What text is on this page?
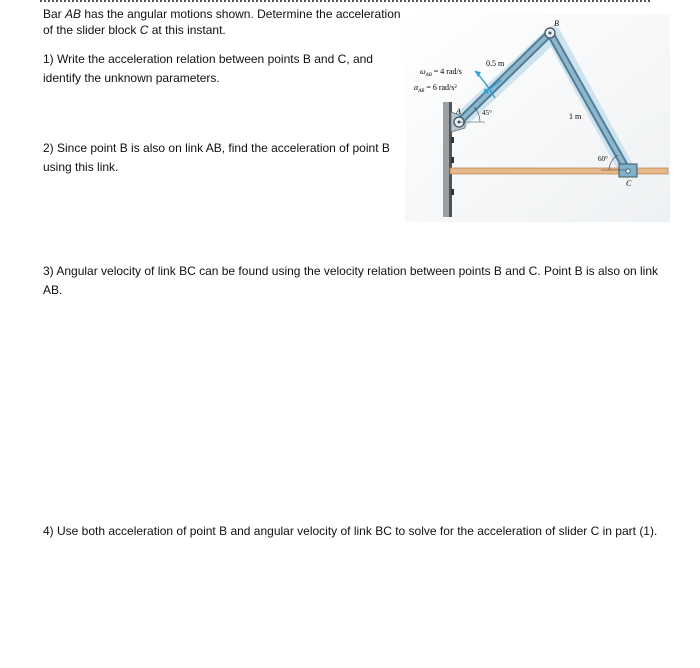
Bar AB has the angular motions shown. Determine the acceleration of the slider block C at this instant.
1) Write the acceleration relation between points B and C, and identify the unknown parameters.
2) Since point B is also on link AB, find the acceleration of point B using this link.
3) Angular velocity of link BC can be found using the velocity relation between points B and C. Point B is also on link AB.
4) Use both acceleration of point B and angular velocity of link BC to solve for the acceleration of slider C in part (1).
B
A
C
0.5 m
1 m
45°
60°
$\omega_{AB} = 4$ rad/s
$\alpha_{AB} = 6$ rad/s²
